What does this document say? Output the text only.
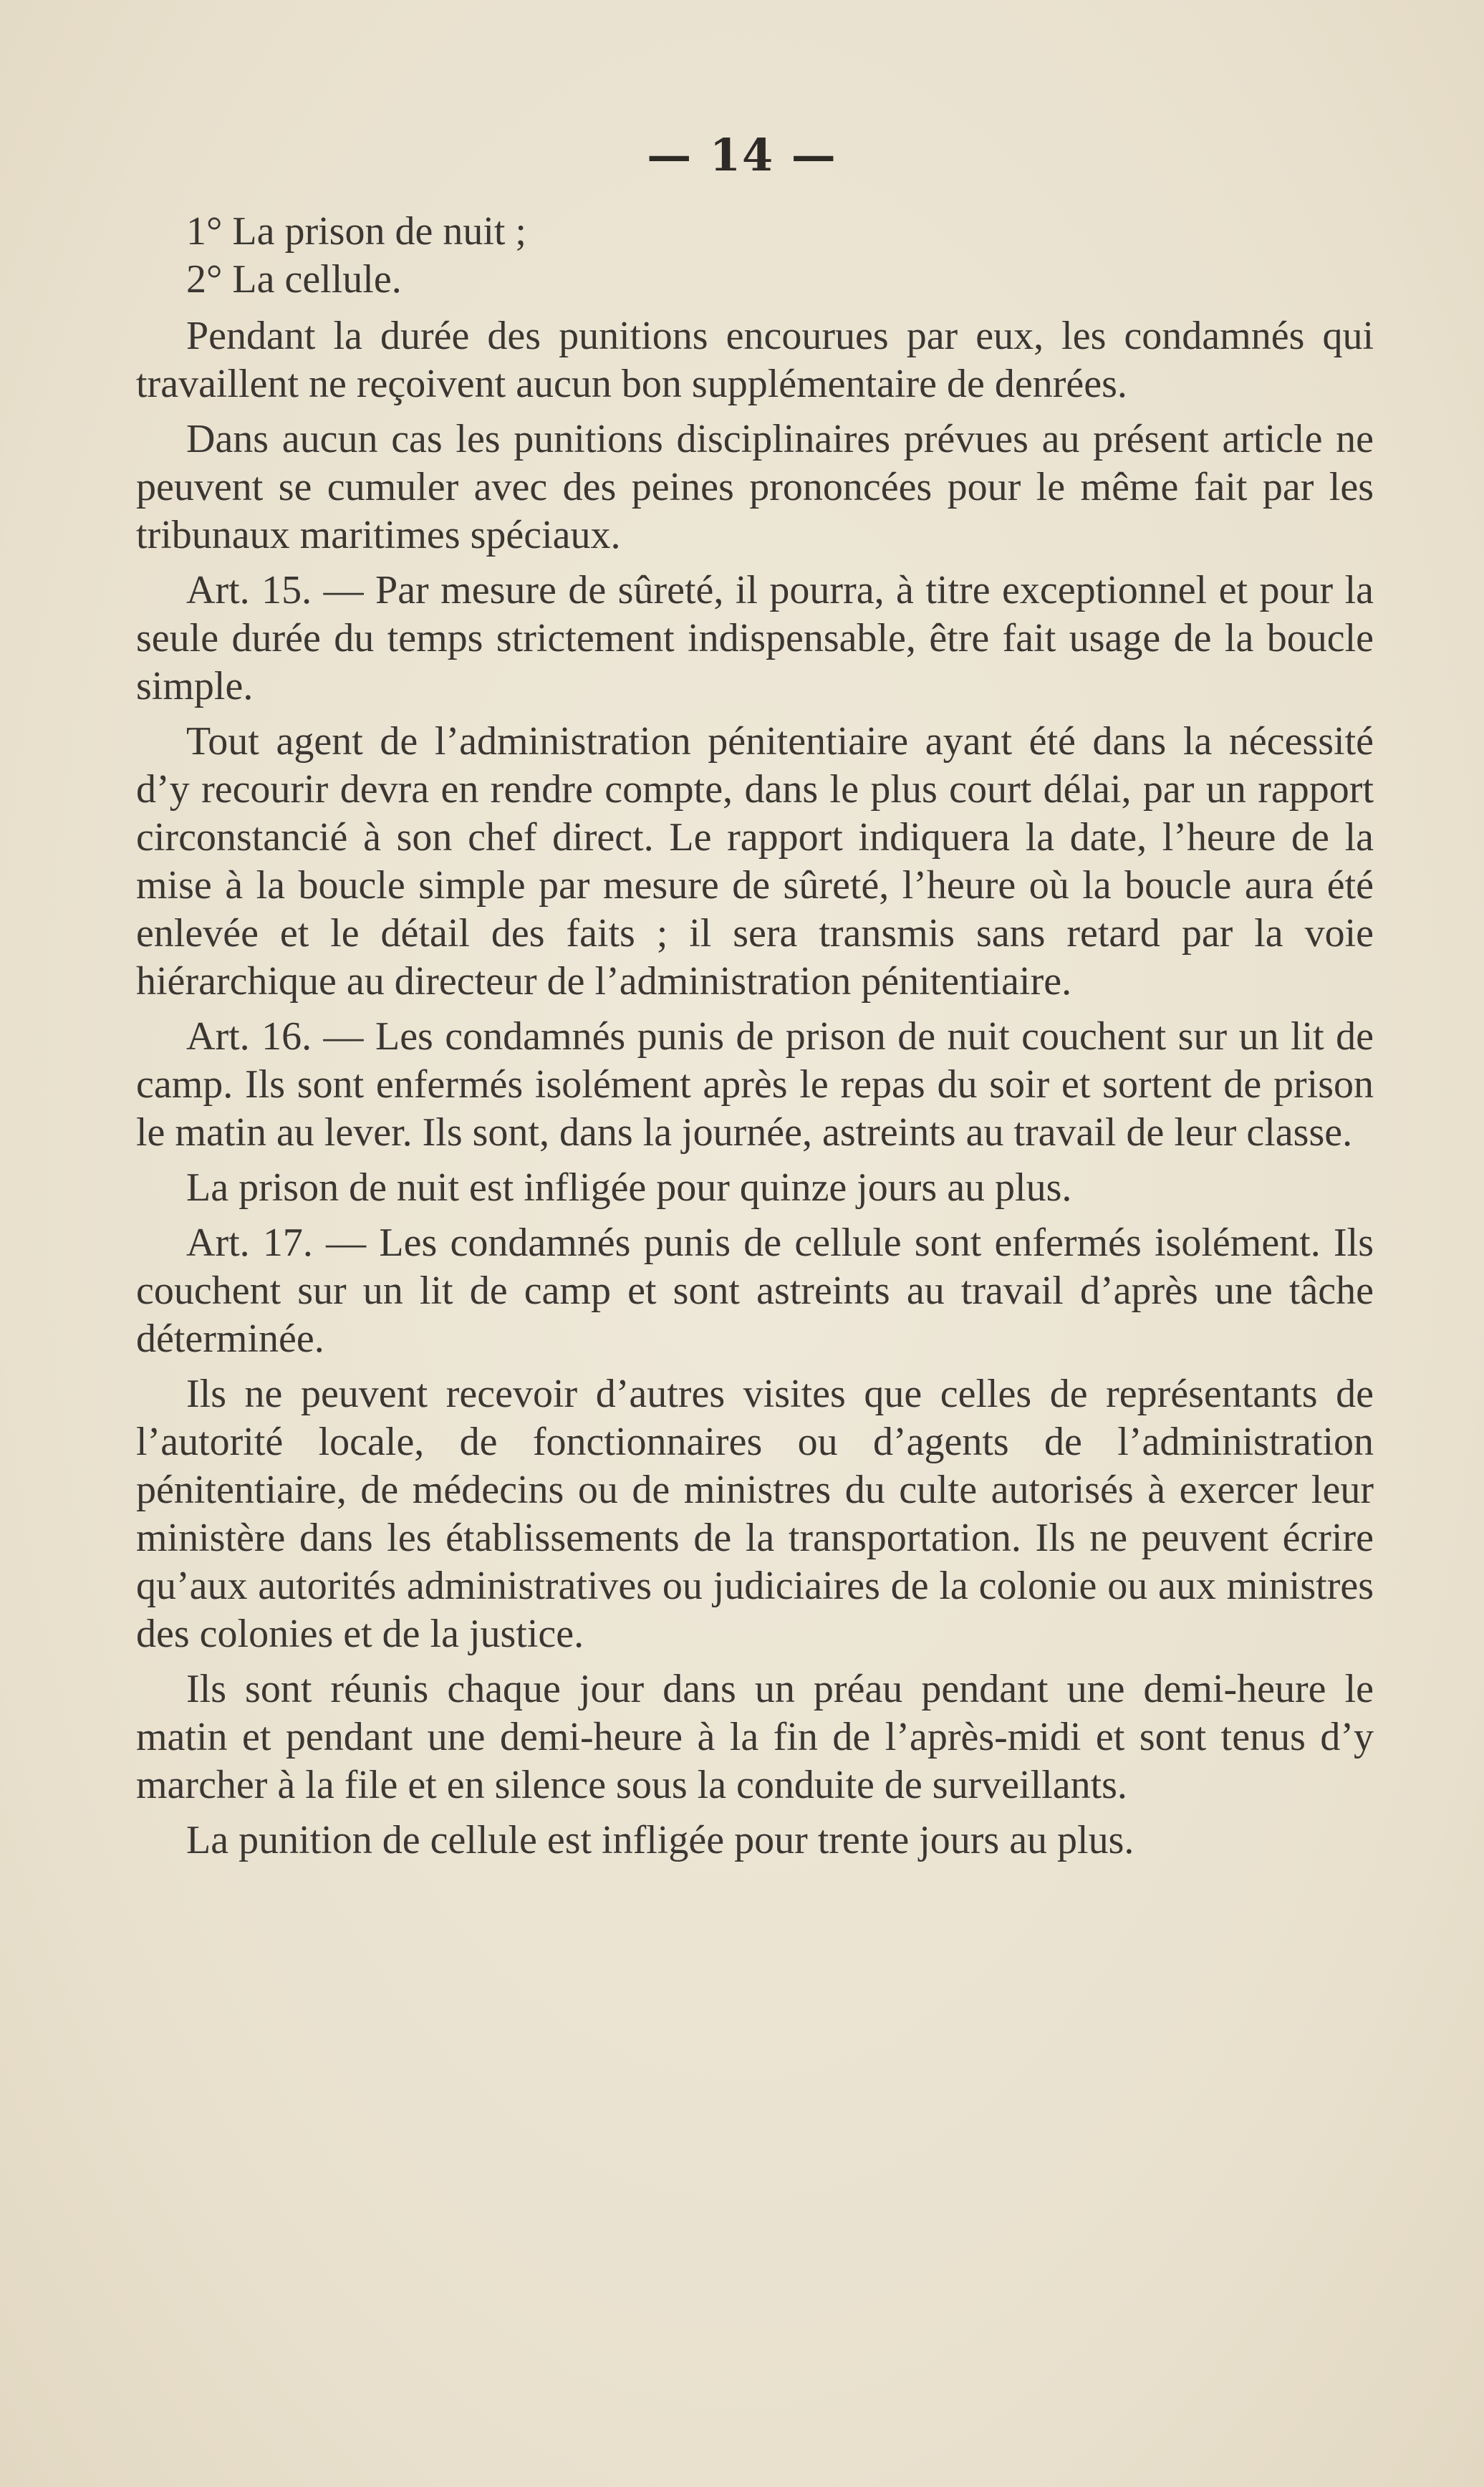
— 14 —

1° La prison de nuit ;

2° La cellule.

Pendant la durée des punitions encourues par eux, les condamnés qui travaillent ne reçoivent aucun bon supplémentaire de denrées.

Dans aucun cas les punitions disciplinaires prévues au présent article ne peuvent se cumuler avec des peines prononcées pour le même fait par les tribunaux maritimes spéciaux.

Art. 15. — Par mesure de sûreté, il pourra, à titre exceptionnel et pour la seule durée du temps strictement indispensable, être fait usage de la boucle simple.

Tout agent de l’administration pénitentiaire ayant été dans la nécessité d’y recourir devra en rendre compte, dans le plus court délai, par un rapport circonstancié à son chef direct. Le rapport indiquera la date, l’heure de la mise à la boucle simple par mesure de sûreté, l’heure où la boucle aura été enlevée et le détail des faits ; il sera transmis sans retard par la voie hiérarchique au directeur de l’administration pénitentiaire.

Art. 16. — Les condamnés punis de prison de nuit couchent sur un lit de camp. Ils sont enfermés isolément après le repas du soir et sortent de prison le matin au lever. Ils sont, dans la journée, astreints au travail de leur classe.

La prison de nuit est infligée pour quinze jours au plus.

Art. 17. — Les condamnés punis de cellule sont enfermés isolément. Ils couchent sur un lit de camp et sont astreints au travail d’après une tâche déterminée.

Ils ne peuvent recevoir d’autres visites que celles de représentants de l’autorité locale, de fonctionnaires ou d’agents de l’administration pénitentiaire, de médecins ou de ministres du culte autorisés à exercer leur ministère dans les établissements de la transportation. Ils ne peuvent écrire qu’aux autorités administratives ou judiciaires de la colonie ou aux ministres des colonies et de la justice.

Ils sont réunis chaque jour dans un préau pendant une demi-heure le matin et pendant une demi-heure à la fin de l’après-midi et sont tenus d’y marcher à la file et en silence sous la conduite de surveillants.

La punition de cellule est infligée pour trente jours au plus.
